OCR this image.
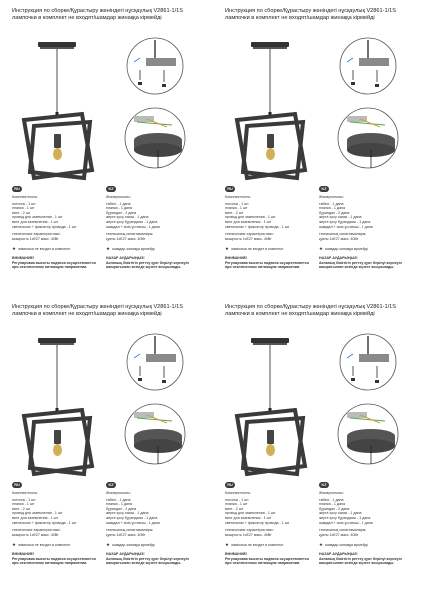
Инструкция по сборке/Құрастыру жөніндегі нұсқаулық V2861-1/1S
лампочки в комплект не входят/шамдар жинаққа кірмейді
RU
Комплектность:
потолок - 1 шт
планка - 1 шт
винт - 2 шт
провод для заземления - 1 шт
винт для заземления - 1 шт
светильник + фиксатор провода - 1 шт
технические характеристики:
мощность 1хE27 макс. 40Вт
★ лампочки не входят в комплект
ВНИМАНИЕ!
Регулировка высоты подвеса осуществляется при отключенном питающем напряжении.
KZ
Жинақтылығы:
төбесі - 1 дана
планка - 1 дана
бұрандал - 2 дана
жерге қосу сымы - 1 дана
жерге қосу бұрандасы - 1 дана
шамдал + сым ұстағыш - 1 дана
техникалық сипаттамалары:
қуаты 1хE27 макс. 40Вт
★ шамдар жинаққа кірмейді
НАЗАР АУДАРЫҢЫЗ!
Аспаның биіктігін реттеу қуат берілуі кернеуін ажыратылған кезінде жүзеге асырылады.
Инструкция по сборке/Құрастыру жөніндегі нұсқаулық V2861-1/1S
лампочки в комплект не входят/шамдар жинаққа кірмейді
RU
Комплектность:
потолок - 1 шт
планка - 1 шт
винт - 2 шт
провод для заземления - 1 шт
винт для заземления - 1 шт
светильник + фиксатор провода - 1 шт
технические характеристики:
мощность 1хE27 макс. 40Вт
★ лампочки не входят в комплект
ВНИМАНИЕ!
Регулировка высоты подвеса осуществляется при отключенном питающем напряжении.
KZ
Жинақтылығы:
төбесі - 1 дана
планка - 1 дана
бұрандал - 2 дана
жерге қосу сымы - 1 дана
жерге қосу бұрандасы - 1 дана
шамдал + сым ұстағыш - 1 дана
техникалық сипаттамалары:
қуаты 1хE27 макс. 40Вт
★ шамдар жинаққа кірмейді
НАЗАР АУДАРЫҢЫЗ!
Аспаның биіктігін реттеу қуат берілуі кернеуін ажыратылған кезінде жүзеге асырылады.
Инструкция по сборке/Құрастыру жөніндегі нұсқаулық V2861-1/1S
лампочки в комплект не входят/шамдар жинаққа кірмейді
RU
Комплектность:
потолок - 1 шт
планка - 1 шт
винт - 2 шт
провод для заземления - 1 шт
винт для заземления - 1 шт
светильник + фиксатор провода - 1 шт
технические характеристики:
мощность 1хE27 макс. 40Вт
★ лампочки не входят в комплект
ВНИМАНИЕ!
Регулировка высоты подвеса осуществляется при отключенном питающем напряжении.
KZ
Жинақтылығы:
төбесі - 1 дана
планка - 1 дана
бұрандал - 2 дана
жерге қосу сымы - 1 дана
жерге қосу бұрандасы - 1 дана
шамдал + сым ұстағыш - 1 дана
техникалық сипаттамалары:
қуаты 1хE27 макс. 40Вт
★ шамдар жинаққа кірмейді
НАЗАР АУДАРЫҢЫЗ!
Аспаның биіктігін реттеу қуат берілуі кернеуін ажыратылған кезінде жүзеге асырылады.
Инструкция по сборке/Құрастыру жөніндегі нұсқаулық V2861-1/1S
лампочки в комплект не входят/шамдар жинаққа кірмейді
RU
Комплектность:
потолок - 1 шт
планка - 1 шт
винт - 2 шт
провод для заземления - 1 шт
винт для заземления - 1 шт
светильник + фиксатор провода - 1 шт
технические характеристики:
мощность 1хE27 макс. 40Вт
★ лампочки не входят в комплект
ВНИМАНИЕ!
Регулировка высоты подвеса осуществляется при отключенном питающем напряжении.
KZ
Жинақтылығы:
төбесі - 1 дана
планка - 1 дана
бұрандал - 2 дана
жерге қосу сымы - 1 дана
жерге қосу бұрандасы - 1 дана
шамдал + сым ұстағыш - 1 дана
техникалық сипаттамалары:
қуаты 1хE27 макс. 40Вт
★ шамдар жинаққа кірмейді
НАЗАР АУДАРЫҢЫЗ!
Аспаның биіктігін реттеу қуат берілуі кернеуін ажыратылған кезінде жүзеге асырылады.
